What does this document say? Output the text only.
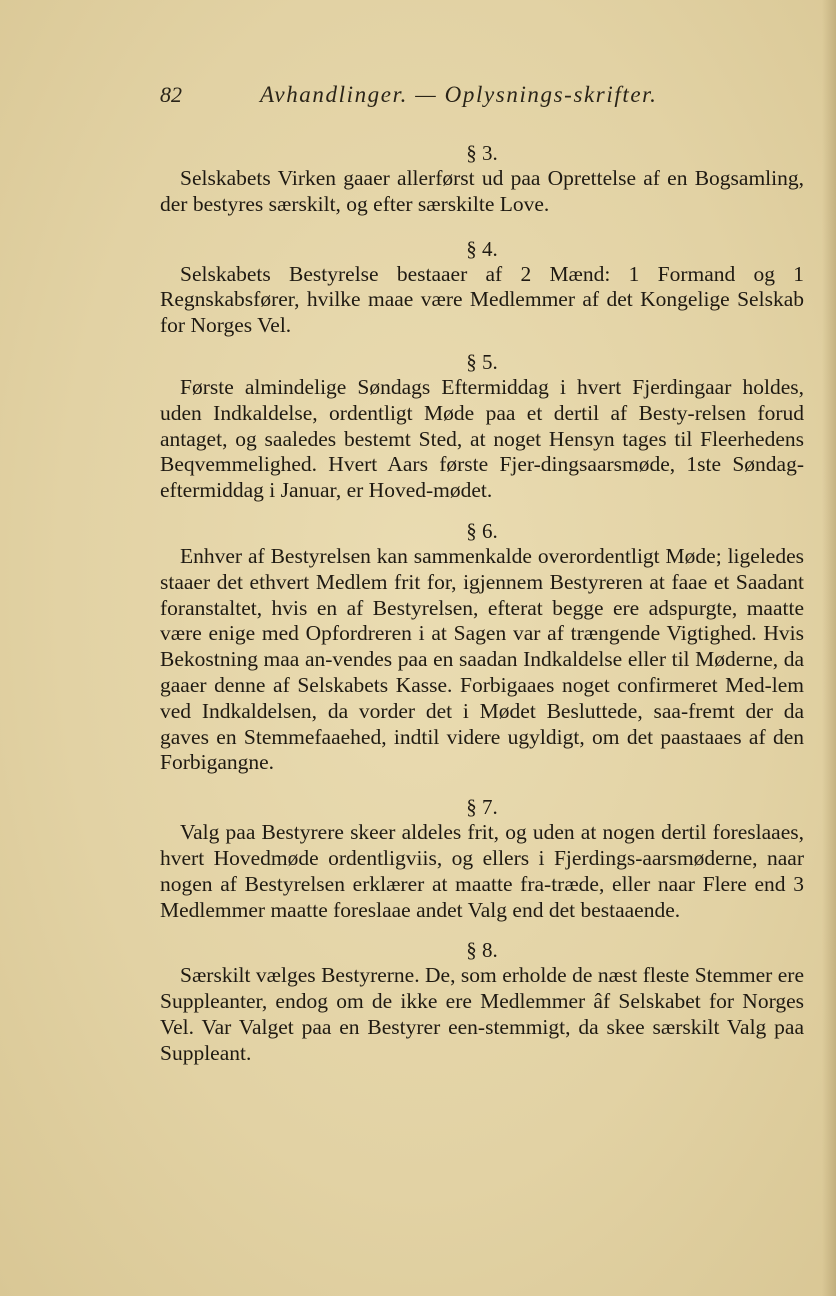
82	Avhandlinger. — Oplysnings-skrifter.

§ 3.

Selskabets Virken gaaer allerførst ud paa Oprettelse af en Bogsamling, der bestyres særskilt, og efter særskilte Love.

§ 4.

Selskabets Bestyrelse bestaaer af 2 Mænd: 1 Formand og 1 Regnskabsfører, hvilke maae være Medlemmer af det Kongelige Selskab for Norges Vel.

§ 5.

Første almindelige Søndags Eftermiddag i hvert Fjerdingaar holdes, uden Indkaldelse, ordentligt Møde paa et dertil af Besty-relsen forud antaget, og saaledes bestemt Sted, at noget Hensyn tages til Fleerhedens Beqvemmelighed. Hvert Aars første Fjer-dingsaarsmøde, 1ste Søndag-eftermiddag i Januar, er Hoved-mødet.

§ 6.

Enhver af Bestyrelsen kan sammenkalde overordentligt Møde; ligeledes staaer det ethvert Medlem frit for, igjennem Bestyreren at faae et Saadant foranstaltet, hvis en af Bestyrelsen, efterat begge ere adspurgte, maatte være enige med Opfordreren i at Sagen var af trængende Vigtighed. Hvis Bekostning maa an-vendes paa en saadan Indkaldelse eller til Møderne, da gaaer denne af Selskabets Kasse. Forbigaaes noget confirmeret Med-lem ved Indkaldelsen, da vorder det i Mødet Besluttede, saa-fremt der da gaves en Stemmefaaehed, indtil videre ugyldigt, om det paastaaes af den Forbigangne.

§ 7.

Valg paa Bestyrere skeer aldeles frit, og uden at nogen dertil foreslaaes, hvert Hovedmøde ordentligviis, og ellers i Fjerdings-aarsmøderne, naar nogen af Bestyrelsen erklærer at maatte fra-træde, eller naar Flere end 3 Medlemmer maatte foreslaae andet Valg end det bestaaende.

§ 8.

Særskilt vælges Bestyrerne. De, som erholde de næst fleste Stemmer ere Suppleanter, endog om de ikke ere Medlemmer âf Selskabet for Norges Vel. Var Valget paa en Bestyrer een-stemmigt, da skee særskilt Valg paa Suppleant.
